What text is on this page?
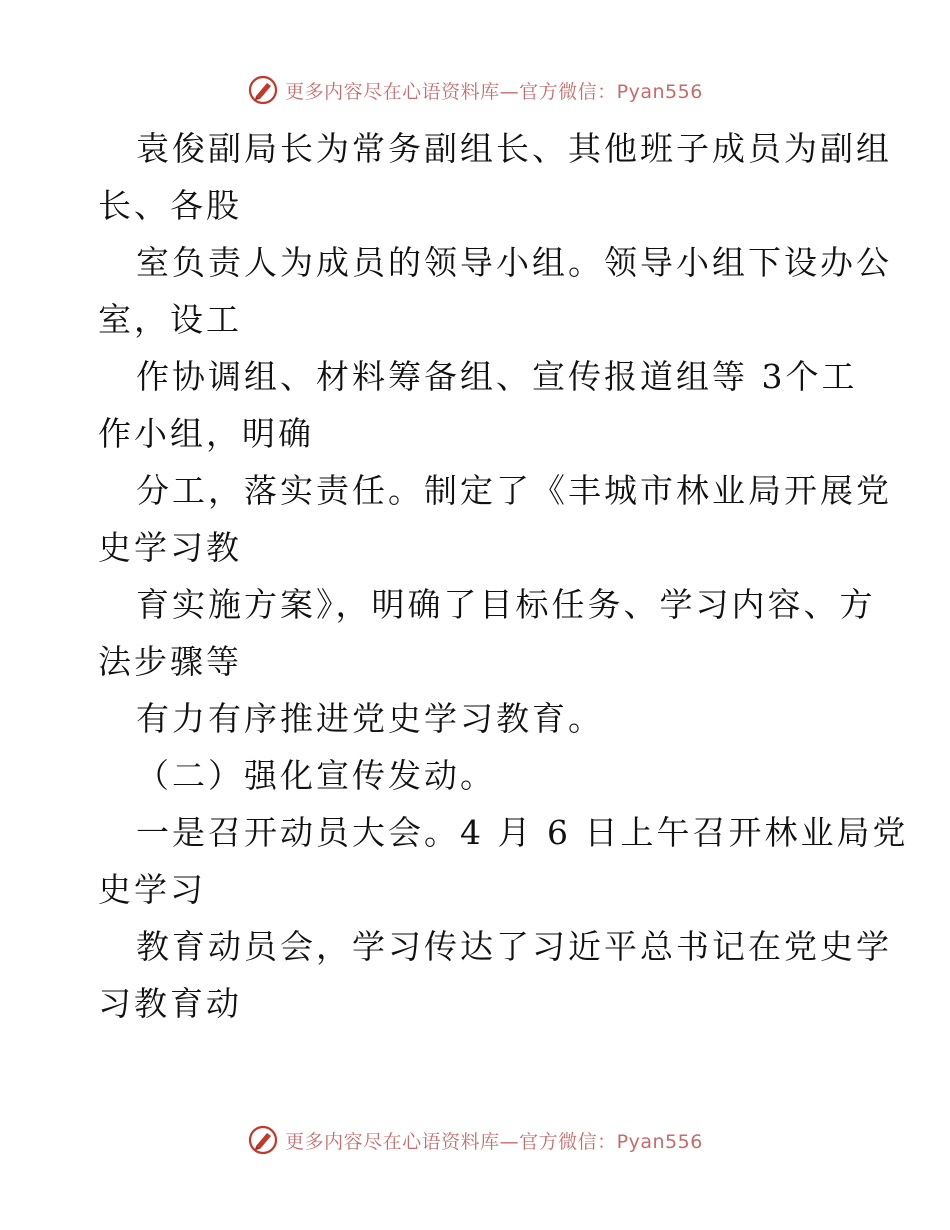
更多内容尽在心语资料库—官方微信：Pyan556
袁俊副局长为常务副组长、其他班子成员为副组
长、各股
室负责人为成员的领导小组。领导小组下设办公
室，设工
作协调组、材料筹备组、宣传报道组等 3个工
作小组，明确
分工，落实责任。制定了《丰城市林业局开展党
史学习教
育实施方案》，明确了目标任务、学习内容、方
法步骤等
有力有序推进党史学习教育。
（二）强化宣传发动。
一是召开动员大会。4 月 6 日上午召开林业局党
史学习
教育动员会，学习传达了习近平总书记在党史学
习教育动
更多内容尽在心语资料库—官方微信：Pyan556
